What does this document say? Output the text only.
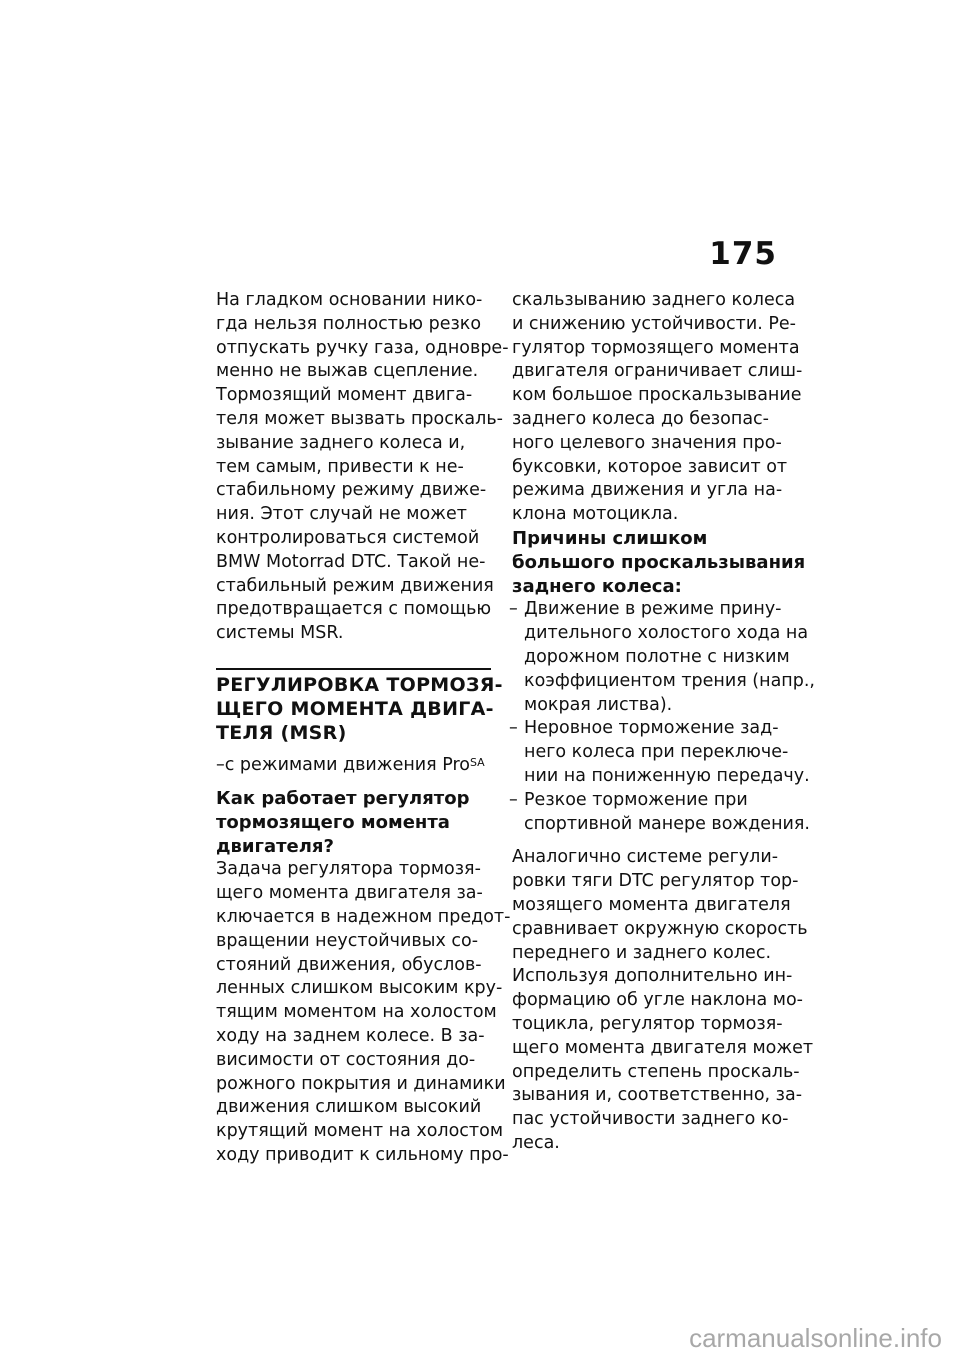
175
На гладком основании нико-
гда нельзя полностью резко
отпускать ручку газа, одновре-
менно не выжав сцепление.
Тормозящий момент двига-
теля может вызвать проскаль-
зывание заднего колеса и,
тем самым, привести к не-
стабильному режиму движе-
ния. Этот случай не может
контролироваться системой
BMW Motorrad DTC. Такой не-
стабильный режим движения
предотвращается с помощью
системы MSR.
РЕГУЛИРОВКА ТОРМОЗЯ-
ЩЕГО МОМЕНТА ДВИГА-
ТЕЛЯ (MSR)
–с режимами движения Pro$^{SA}$
Как работает регулятор
тормозящего момента
двигателя?
Задача регулятора тормозя-
щего момента двигателя за-
ключается в надежном предот-
вращении неустойчивых со-
стояний движения, обуслов-
ленных слишком высоким кру-
тящим моментом на холостом
ходу на заднем колесе. В за-
висимости от состояния до-
рожного покрытия и динамики
движения слишком высокий
крутящий момент на холостом
ходу приводит к сильному про-
скальзыванию заднего колеса
и снижению устойчивости. Ре-
гулятор тормозящего момента
двигателя ограничивает слиш-
ком большое проскальзывание
заднего колеса до безопас-
ного целевого значения про-
буксовки, которое зависит от
режима движения и угла на-
клона мотоцикла.
Причины слишком
большого проскальзывания
заднего колеса:
– Движение в режиме прину-
дительного холостого хода на
дорожном полотне с низким
коэффициентом трения (напр.,
мокрая листва).
– Неровное торможение зад-
него колеса при переключе-
нии на пониженную передачу.
– Резкое торможение при
спортивной манере вождения.
Аналогично системе регули-
ровки тяги DTC регулятор тор-
мозящего момента двигателя
сравнивает окружную скорость
переднего и заднего колес.
Используя дополнительно ин-
формацию об угле наклона мо-
тоцикла, регулятор тормозя-
щего момента двигателя может
определить степень проскаль-
зывания и, соответственно, за-
пас устойчивости заднего ко-
леса.
carmanualsonline.info
